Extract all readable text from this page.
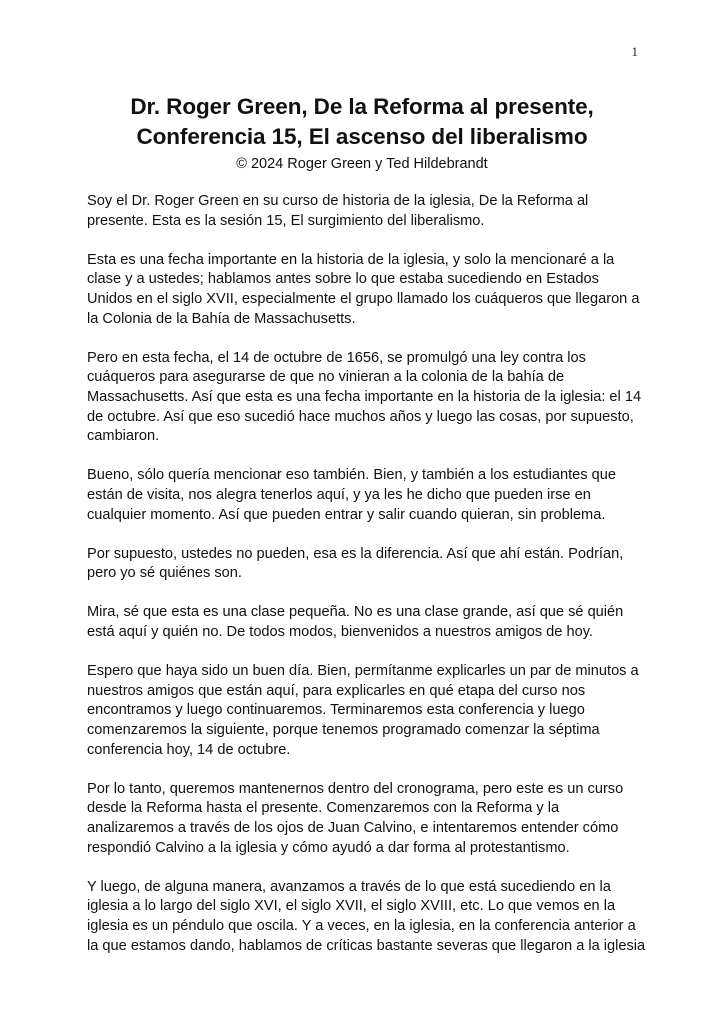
1
Dr. Roger Green, De la Reforma al presente,
Conferencia 15, El ascenso del liberalismo
© 2024 Roger Green y Ted Hildebrandt

Soy el Dr. Roger Green en su curso de historia de la iglesia, De la Reforma al presente. Esta es la sesión 15, El surgimiento del liberalismo.

Esta es una fecha importante en la historia de la iglesia, y solo la mencionaré a la clase y a ustedes; hablamos antes sobre lo que estaba sucediendo en Estados Unidos en el siglo XVII, especialmente el grupo llamado los cuáqueros que llegaron a la Colonia de la Bahía de Massachusetts.

Pero en esta fecha, el 14 de octubre de 1656, se promulgó una ley contra los cuáqueros para asegurarse de que no vinieran a la colonia de la bahía de Massachusetts. Así que esta es una fecha importante en la historia de la iglesia: el 14 de octubre. Así que eso sucedió hace muchos años y luego las cosas, por supuesto, cambiaron.

Bueno, sólo quería mencionar eso también. Bien, y también a los estudiantes que están de visita, nos alegra tenerlos aquí, y ya les he dicho que pueden irse en cualquier momento. Así que pueden entrar y salir cuando quieran, sin problema.

Por supuesto, ustedes no pueden, esa es la diferencia. Así que ahí están. Podrían, pero yo sé quiénes son.

Mira, sé que esta es una clase pequeña. No es una clase grande, así que sé quién está aquí y quién no. De todos modos, bienvenidos a nuestros amigos de hoy.

Espero que haya sido un buen día. Bien, permítanme explicarles un par de minutos a nuestros amigos que están aquí, para explicarles en qué etapa del curso nos encontramos y luego continuaremos. Terminaremos esta conferencia y luego comenzaremos la siguiente, porque tenemos programado comenzar la séptima conferencia hoy, 14 de octubre.

Por lo tanto, queremos mantenernos dentro del cronograma, pero este es un curso desde la Reforma hasta el presente. Comenzaremos con la Reforma y la analizaremos a través de los ojos de Juan Calvino, e intentaremos entender cómo respondió Calvino a la iglesia y cómo ayudó a dar forma al protestantismo.

Y luego, de alguna manera, avanzamos a través de lo que está sucediendo en la iglesia a lo largo del siglo XVI, el siglo XVII, el siglo XVIII, etc. Lo que vemos en la iglesia es un péndulo que oscila. Y a veces, en la iglesia, en la conferencia anterior a la que estamos dando, hablamos de críticas bastante severas que llegaron a la iglesia
